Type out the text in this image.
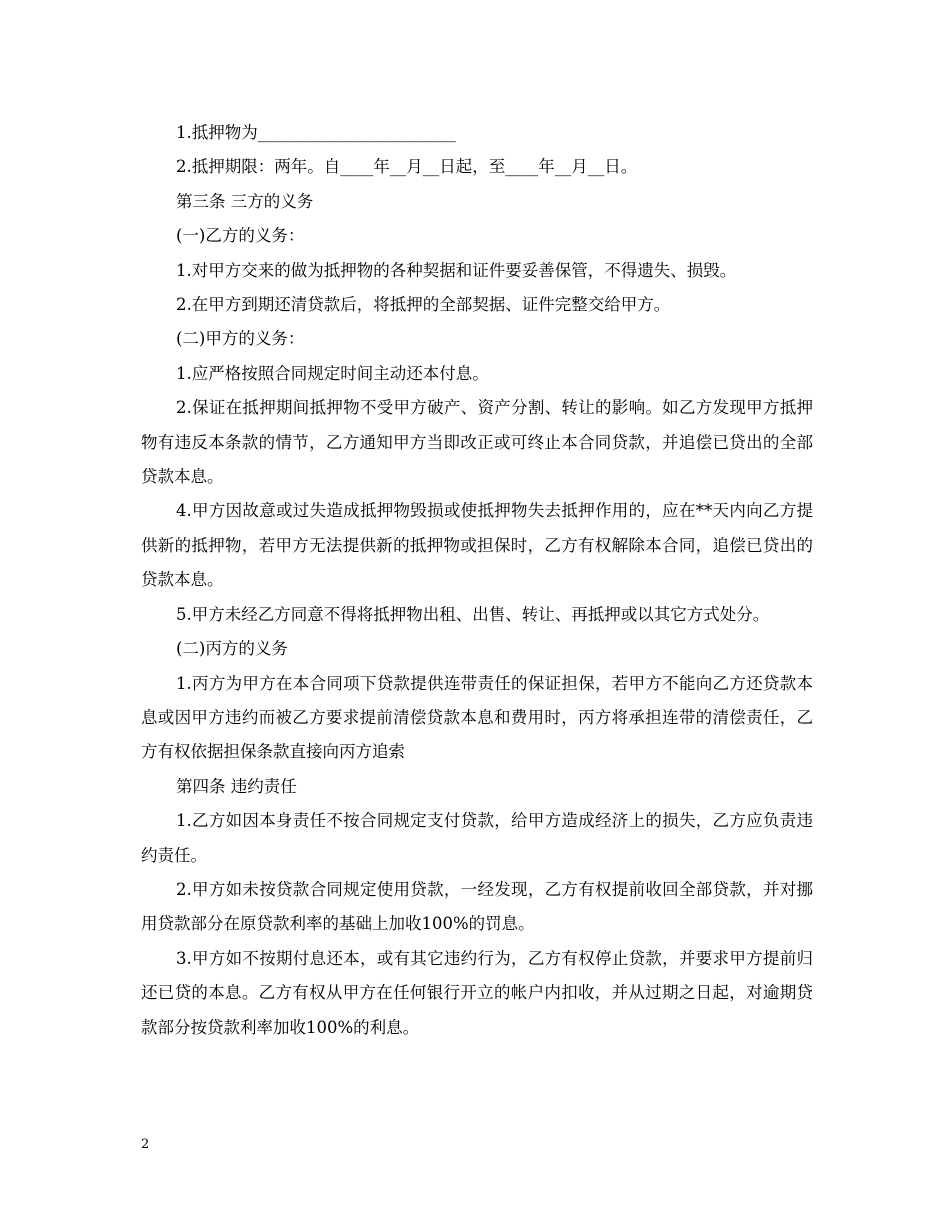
1.抵押物为________________________

2.抵押期限：两年。自____年__月__日起，至____年__月__日。

第三条 三方的义务

(一)乙方的义务：

1.对甲方交来的做为抵押物的各种契据和证件要妥善保管，不得遗失、损毁。

2.在甲方到期还清贷款后，将抵押的全部契据、证件完整交给甲方。

(二)甲方的义务：

1.应严格按照合同规定时间主动还本付息。

2.保证在抵押期间抵押物不受甲方破产、资产分割、转让的影响。如乙方发现甲方抵押物有违反本条款的情节，乙方通知甲方当即改正或可终止本合同贷款，并追偿已贷出的全部贷款本息。

4.甲方因故意或过失造成抵押物毁损或使抵押物失去抵押作用的，应在**天内向乙方提供新的抵押物，若甲方无法提供新的抵押物或担保时，乙方有权解除本合同，追偿已贷出的贷款本息。

5.甲方未经乙方同意不得将抵押物出租、出售、转让、再抵押或以其它方式处分。

(二)丙方的义务

1.丙方为甲方在本合同项下贷款提供连带责任的保证担保，若甲方不能向乙方还贷款本息或因甲方违约而被乙方要求提前清偿贷款本息和费用时，丙方将承担连带的清偿责任，乙方有权依据担保条款直接向丙方追索

第四条 违约责任

1.乙方如因本身责任不按合同规定支付贷款，给甲方造成经济上的损失，乙方应负责违约责任。

2.甲方如未按贷款合同规定使用贷款，一经发现，乙方有权提前收回全部贷款，并对挪用贷款部分在原贷款利率的基础上加收100%的罚息。

3.甲方如不按期付息还本，或有其它违约行为，乙方有权停止贷款，并要求甲方提前归还已贷的本息。乙方有权从甲方在任何银行开立的帐户内扣收，并从过期之日起，对逾期贷款部分按贷款利率加收100%的利息。

2
